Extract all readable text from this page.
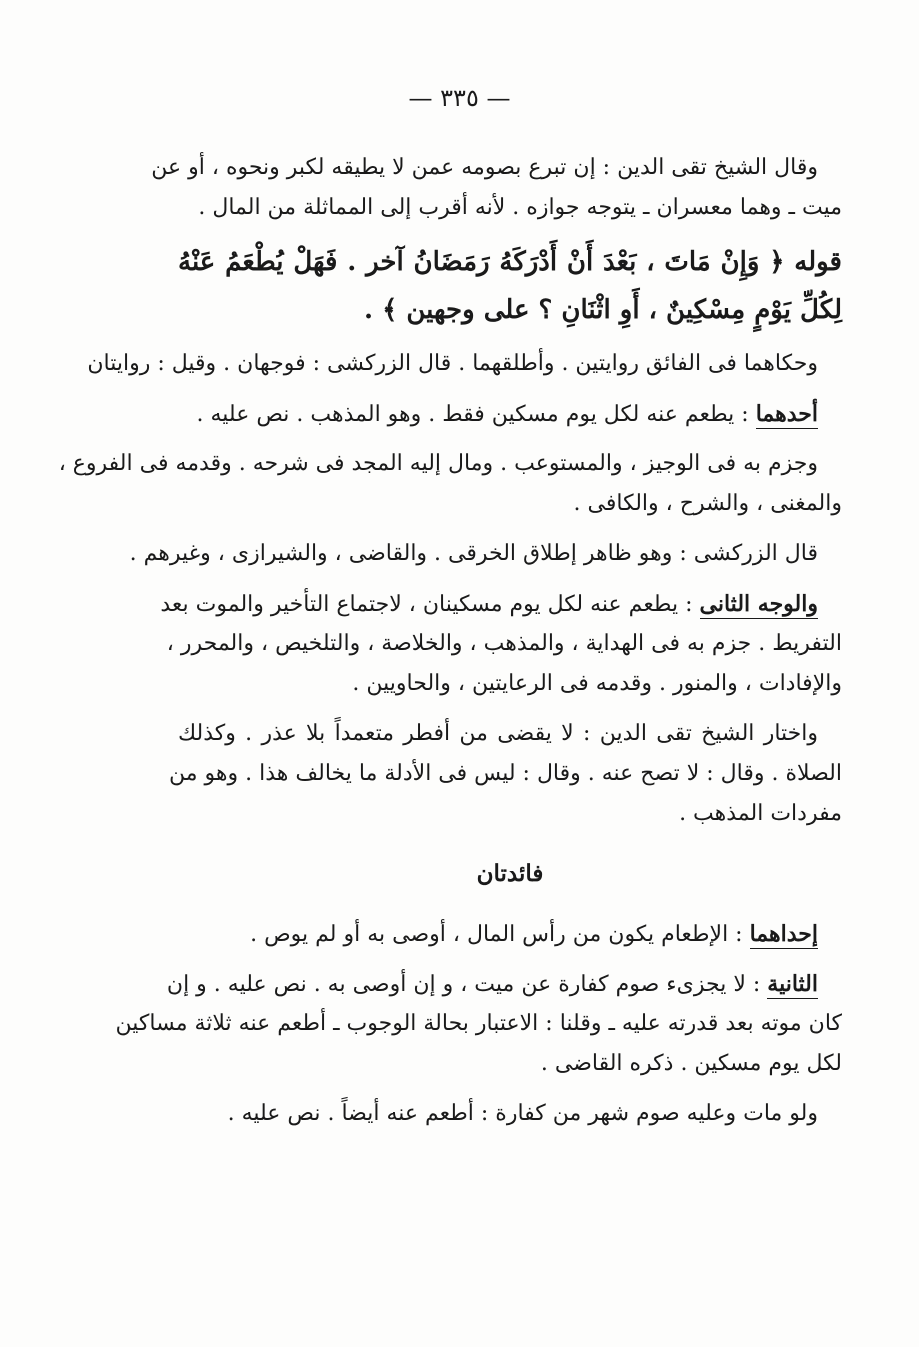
— ٣٣٥ —
وقال الشيخ تقى الدين : إن تبرع بصومه عمن لا يطيقه لكبر ونحوه ، أو عن
ميت ـ وهما معسران ـ يتوجه جوازه . لأنه أقرب إلى المماثلة من المال .
قوله ﴿ وَإِنْ مَاتَ ، بَعْدَ أَنْ أَدْرَكَهُ رَمَضَانُ آخر . فَهَلْ يُطْعَمُ عَنْهُ
لِكُلِّ يَوْمٍ مِسْكِينٌ ، أَوِ اثْنَانِ ؟ على وجهين ﴾ .
وحكاهما فى الفائق روايتين . وأطلقهما . قال الزركشى : فوجهان . وقيل : روايتان
أحدهما : يطعم عنه لكل يوم مسكين فقط . وهو المذهب . نص عليه .
وجزم به فى الوجيز ، والمستوعب . ومال إليه المجد فى شرحه . وقدمه فى الفروع ،
والمغنى ، والشرح ، والكافى .
قال الزركشى : وهو ظاهر إطلاق الخرقى . والقاضى ، والشيرازى ، وغيرهم .
والوجه الثانى : يطعم عنه لكل يوم مسكينان ، لاجتماع التأخير والموت بعد
التفريط . جزم به فى الهداية ، والمذهب ، والخلاصة ، والتلخيص ، والمحرر ،
والإفادات ، والمنور . وقدمه فى الرعايتين ، والحاويين .
واختار الشيخ تقى الدين : لا يقضى من أفطر متعمداً بلا عذر . وكذلك
الصلاة . وقال : لا تصح عنه . وقال : ليس فى الأدلة ما يخالف هذا . وهو من
مفردات المذهب .
فائدتان
إحداهما : الإطعام يكون من رأس المال ، أوصى به أو لم يوص .
الثانية : لا يجزىء صوم كفارة عن ميت ، و إن أوصى به . نص عليه . و إن
كان موته بعد قدرته عليه ـ وقلنا : الاعتبار بحالة الوجوب ـ أطعم عنه ثلاثة مساكين
لكل يوم مسكين . ذكره القاضى .
ولو مات وعليه صوم شهر من كفارة : أطعم عنه أيضاً . نص عليه .
